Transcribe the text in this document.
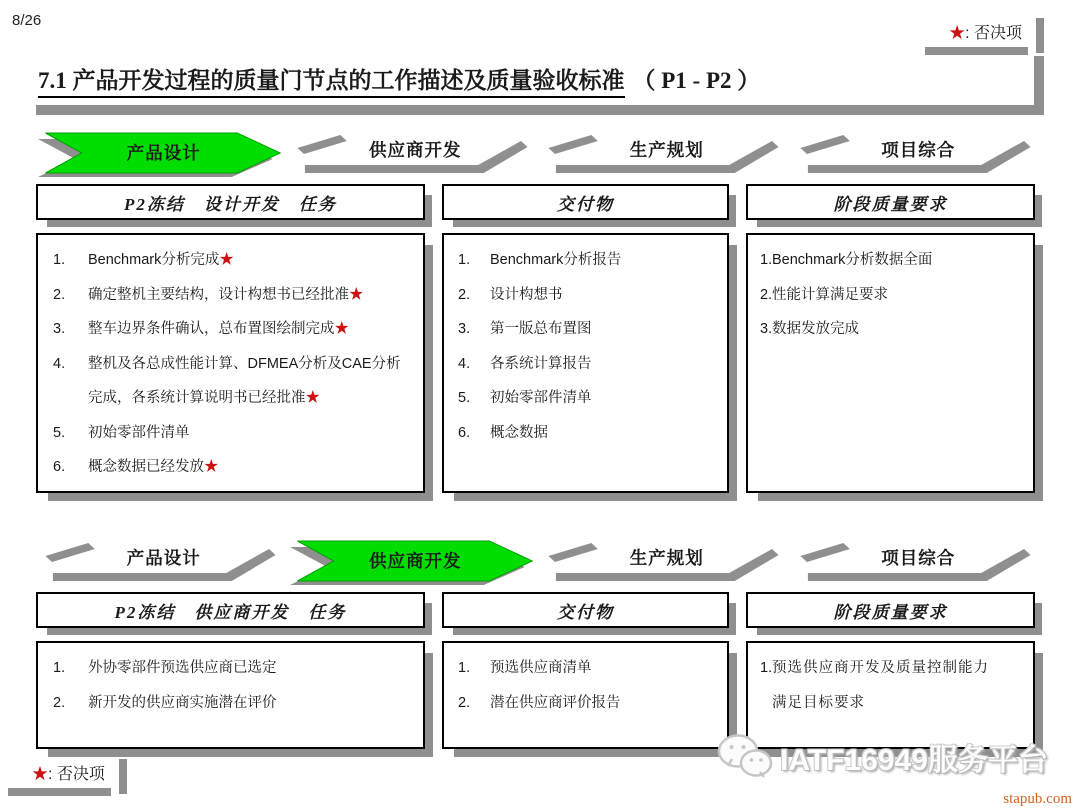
8/26
★: 否决项
7.1 产品开发过程的质量门节点的工作描述及质量验收标准 （ P1 - P2 ）
产品设计	供应商开发	生产规划	项目综合
P2冻结　设计开发　任务
1.	Benchmark分析完成★
2.	确定整机主要结构，设计构想书已经批准★
3.	整车边界条件确认，总布置图绘制完成★
4.	整机及各总成性能计算、DFMEA分析及CAE分析完成，各系统计算说明书已经批准★
5.	初始零部件清单
6.	概念数据已经发放★
交付物
1.	Benchmark分析报告
2.	设计构想书
3.	第一版总布置图
4.	各系统计算报告
5.	初始零部件清单
6.	概念数据
阶段质量要求
1. Benchmark分析数据全面
2. 性能计算满足要求
3. 数据发放完成
产品设计	供应商开发	生产规划	项目综合
P2冻结　供应商开发　任务
1.	外协零部件预选供应商已选定
2.	新开发的供应商实施潜在评价
交付物
1.	预选供应商清单
2.	潜在供应商评价报告
阶段质量要求
1. 预选供应商开发及质量控制能力满足目标要求
★: 否决项	IATF16949服务平台
stapub.com
